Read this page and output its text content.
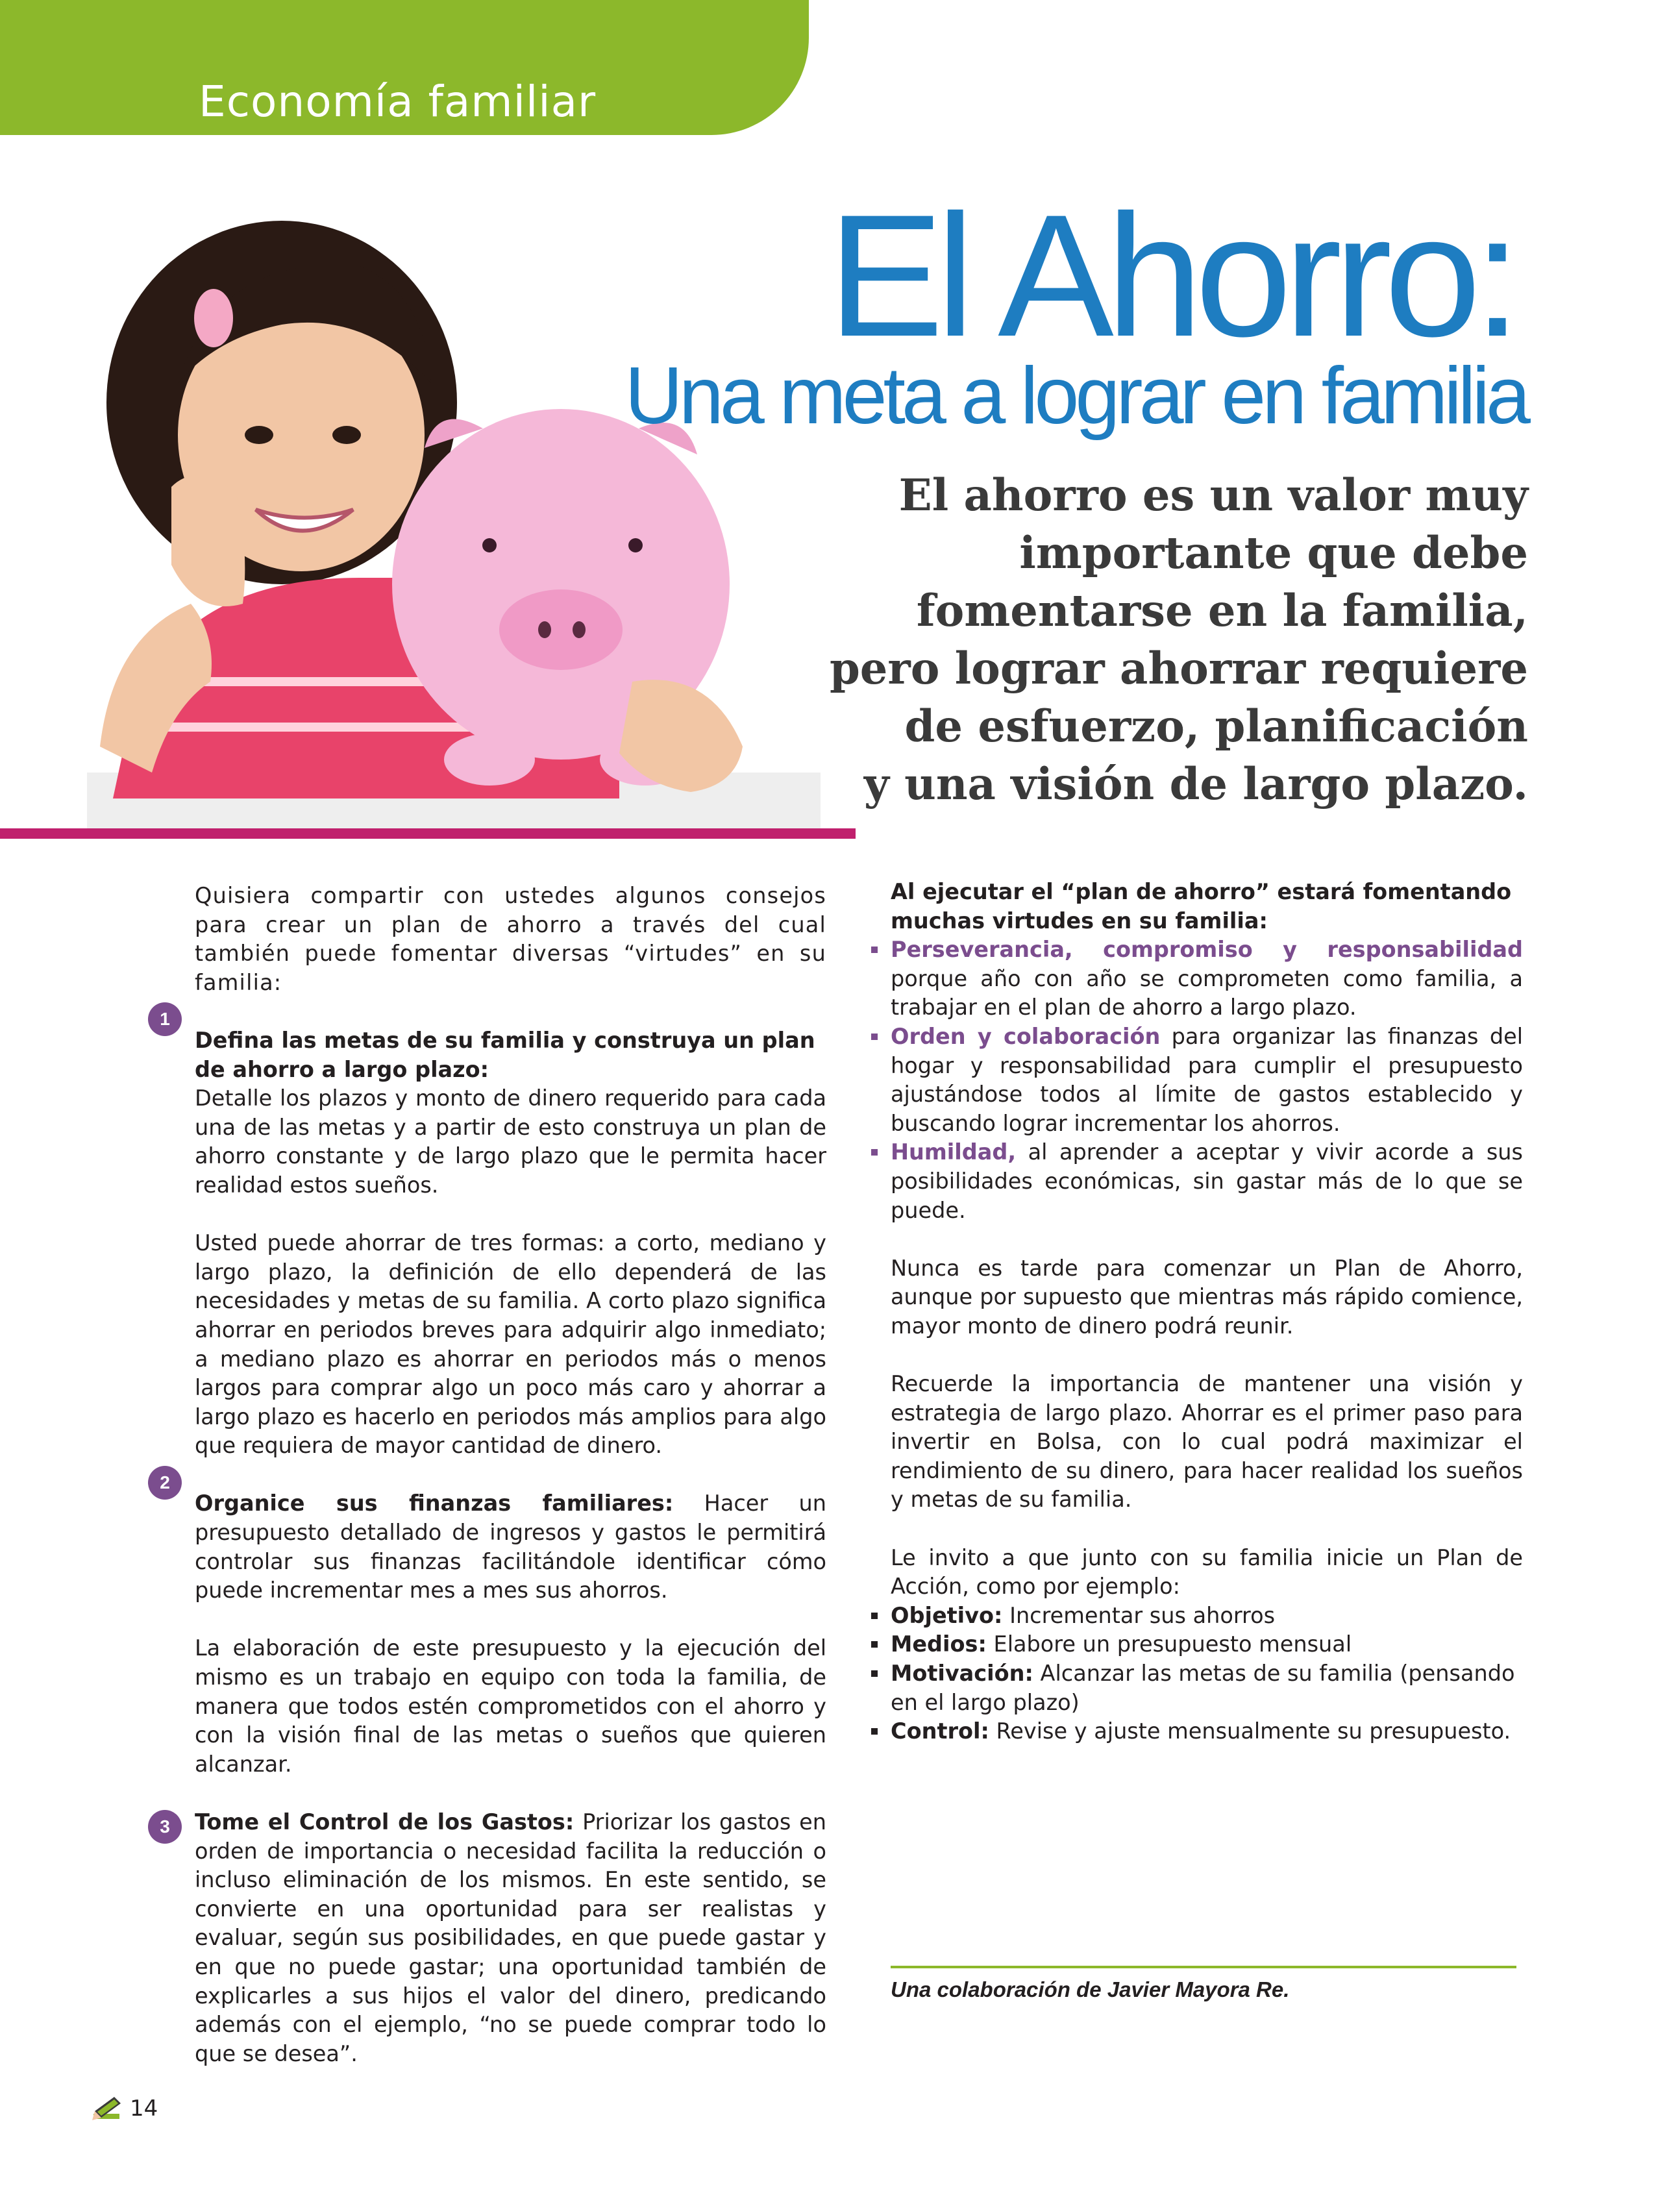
Economía familiar
El Ahorro:
Una meta a lograr en familia
El ahorro es un valor muy
importante que debe
fomentarse en la familia,
pero lograr ahorrar requiere
de esfuerzo, planificación
y una visión de largo plazo.
1
2
3

Quisiera compartir con ustedes algunos consejos para crear un plan de ahorro a través del cual también puede fomentar diversas “virtudes” en su familia:

Defina las metas de su familia y construya un plan de ahorro a largo plazo:

Detalle los plazos y monto de dinero requerido para cada una de las metas y a partir de esto construya un plan de ahorro constante y de largo plazo que le permita hacer realidad estos sueños.

Usted puede ahorrar de tres formas: a corto, mediano y largo plazo, la definición de ello dependerá de las necesidades y metas de su familia. A corto plazo significa ahorrar en periodos breves para adquirir algo inmediato; a mediano plazo es ahorrar en periodos más o menos largos para comprar algo un poco más caro y ahorrar a largo plazo es hacerlo en periodos más amplios para algo que requiera de mayor cantidad de dinero.

Organice sus finanzas familiares: Hacer un presupuesto detallado de ingresos y gastos le permitirá controlar sus finanzas facilitándole identificar cómo puede incrementar mes a mes sus ahorros.

La elaboración de este presupuesto y la ejecución del mismo es un trabajo en equipo con toda la familia, de manera que todos estén comprometidos con el ahorro y con la visión final de las metas o sueños que quieren alcanzar.

Tome el Control de los Gastos: Priorizar los gastos en orden de importancia o necesidad facilita la reducción o incluso eliminación de los mismos. En este sentido, se convierte en una oportunidad para ser realistas y evaluar, según sus posibilidades, en que puede gastar y en que no puede gastar; una oportunidad también de explicarles a sus hijos el valor del dinero, predicando además con el ejemplo, “no se puede comprar todo lo que se desea”.

Al ejecutar el “plan de ahorro” estará fomentando muchas virtudes en su familia:

Perseverancia, compromiso y responsabilidad porque año con año se comprometen como familia, a trabajar en el plan de ahorro a largo plazo.

Orden y colaboración para organizar las finanzas del hogar y responsabilidad para cumplir el presupuesto ajustándose todos al límite de gastos establecido y buscando lograr incrementar los ahorros.

Humildad, al aprender a aceptar y vivir acorde a sus posibilidades económicas, sin gastar más de lo que se puede.

Nunca es tarde para comenzar un Plan de Ahorro, aunque por supuesto que mientras más rápido comience, mayor monto de dinero podrá reunir.

Recuerde la importancia de mantener una visión y estrategia de largo plazo. Ahorrar es el primer paso para invertir en Bolsa, con lo cual podrá maximizar el rendimiento de su dinero, para hacer realidad los sueños y metas de su familia.

Le invito a que junto con su familia inicie un Plan de Acción, como por ejemplo:

Objetivo: Incrementar sus ahorros

Medios: Elabore un presupuesto mensual

Motivación: Alcanzar las metas de su familia (pensando en el largo plazo)

Control: Revise y ajuste mensualmente su presupuesto.

Una colaboración de Javier Mayora Re.
14
